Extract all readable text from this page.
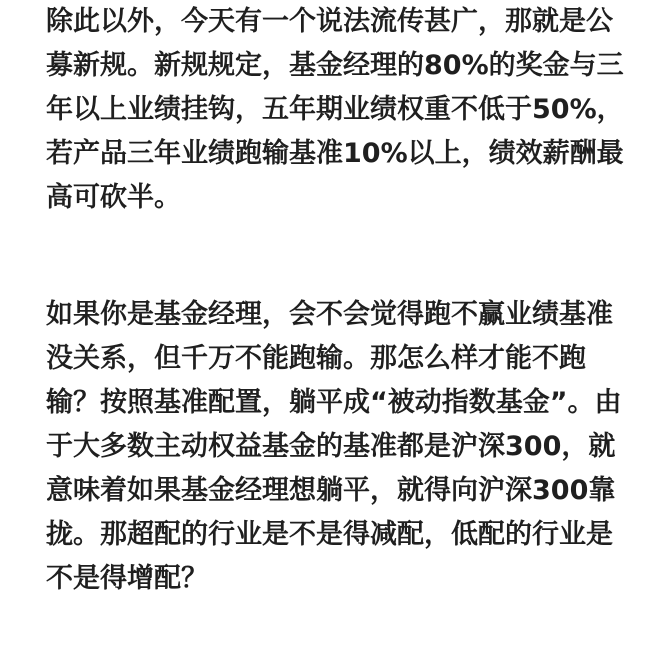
除此以外，今天有一个说法流传甚广，那就是公
募新规。新规规定，基金经理的80%的奖金与三
年以上业绩挂钩，五年期业绩权重不低于50%，
若产品三年业绩跑输基准10%以上，绩效薪酬最
高可砍半。
如果你是基金经理，会不会觉得跑不赢业绩基准
没关系，但千万不能跑输。那怎么样才能不跑
输？按照基准配置，躺平成“被动指数基金”。由
于大多数主动权益基金的基准都是沪深300，就
意味着如果基金经理想躺平，就得向沪深300靠
拢。那超配的行业是不是得减配，低配的行业是
不是得增配？
